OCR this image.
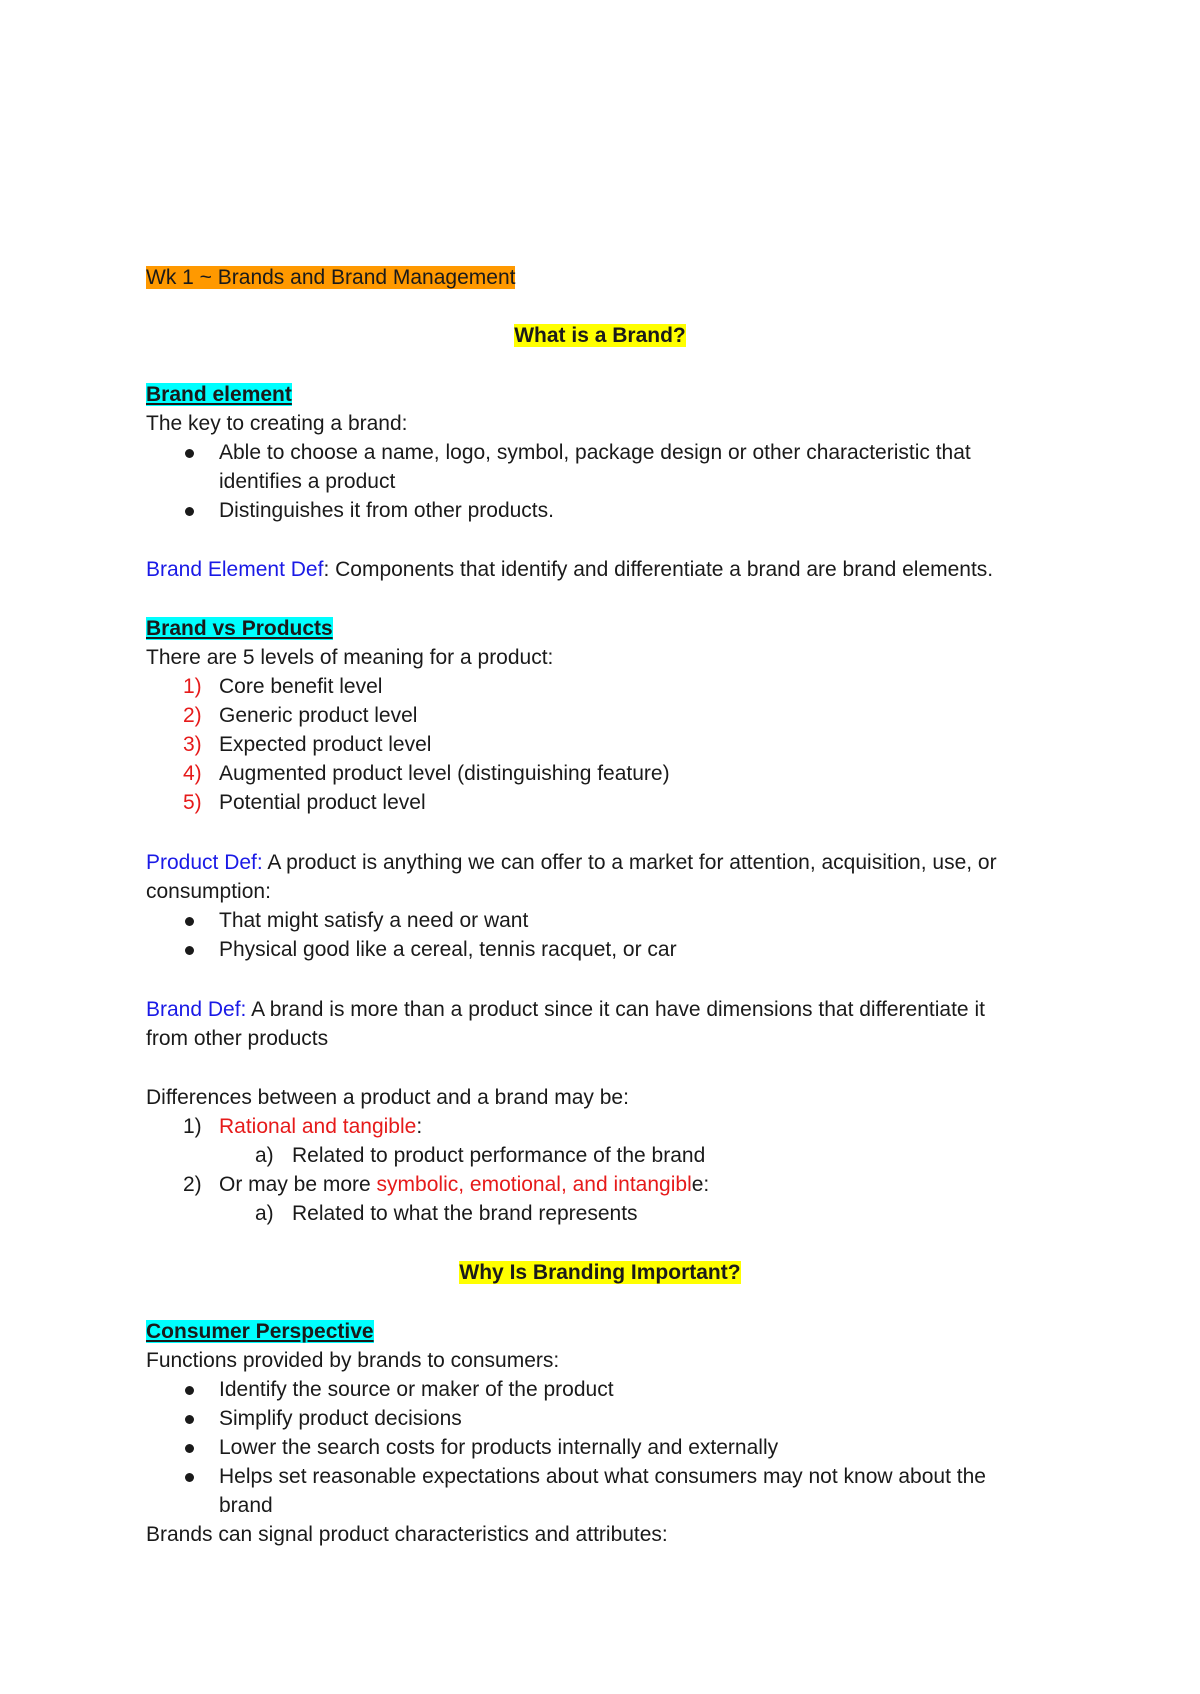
Wk 1 ~ Brands and Brand Management
What is a Brand?
Brand element
The key to creating a brand:
Able to choose a name, logo, symbol, package design or other characteristic that
identifies a product
Distinguishes it from other products.
Brand Element Def: Components that identify and differentiate a brand are brand elements.
Brand vs Products
There are 5 levels of meaning for a product:
1) Core benefit level
2) Generic product level
3) Expected product level
4) Augmented product level (distinguishing feature)
5) Potential product level
Product Def: A product is anything we can offer to a market for attention, acquisition, use, or
consumption:
That might satisfy a need or want
Physical good like a cereal, tennis racquet, or car
Brand Def: A brand is more than a product since it can have dimensions that differentiate it
from other products
Differences between a product and a brand may be:
1) Rational and tangible:
a) Related to product performance of the brand
2) Or may be more symbolic, emotional, and intangible:
a) Related to what the brand represents
Why Is Branding Important?
Consumer Perspective
Functions provided by brands to consumers:
Identify the source or maker of the product
Simplify product decisions
Lower the search costs for products internally and externally
Helps set reasonable expectations about what consumers may not know about the
brand
Brands can signal product characteristics and attributes:
